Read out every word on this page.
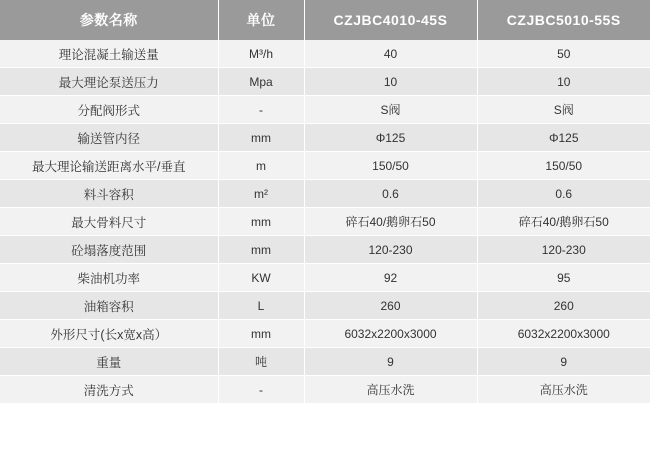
参数名称	单位	CZJBC4010-45S	CZJBC5010-55S
理论混凝土输送量	M³/h	40	50
最大理论泵送压力	Mpa	10	10
分配阀形式	-	S阀	S阀
输送管内径	mm	Φ125	Φ125
最大理论输送距离水平/垂直	m	150/50	150/50
料斗容积	m²	0.6	0.6
最大骨料尺寸	mm	碎石40/鹅卵石50	碎石40/鹅卵石50
砼塌落度范围	mm	120-230	120-230
柴油机功率	KW	92	95
油箱容积	L	260	260
外形尺寸(长x宽x高）	mm	6032x2200x3000	6032x2200x3000
重量	吨	9	9
清洗方式	-	高压水洗	高压水洗
